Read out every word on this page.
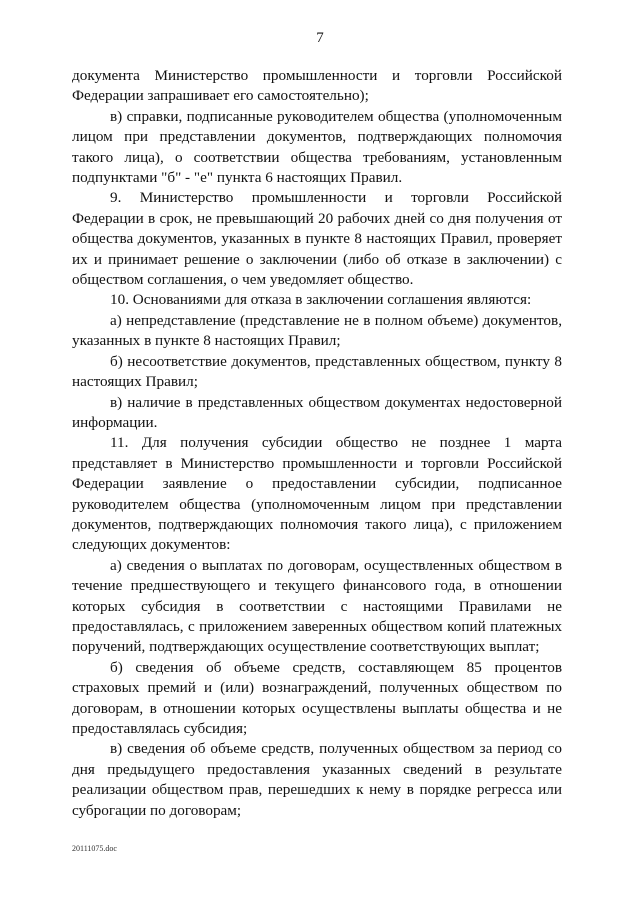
7

документа Министерство промышленности и торговли Российской Федерации запрашивает его самостоятельно);

в) справки, подписанные руководителем общества (уполномоченным лицом при представлении документов, подтверждающих полномочия такого лица), о соответствии общества требованиям, установленным подпунктами "б" - "е" пункта 6 настоящих Правил.

9. Министерство промышленности и торговли Российской Федерации в срок, не превышающий 20 рабочих дней со дня получения от общества документов, указанных в пункте 8 настоящих Правил, проверяет их и принимает решение о заключении (либо об отказе в заключении) с обществом соглашения, о чем уведомляет общество.

10. Основаниями для отказа в заключении соглашения являются:

а) непредставление (представление не в полном объеме) документов, указанных в пункте 8 настоящих Правил;

б) несоответствие документов, представленных обществом, пункту 8 настоящих Правил;

в) наличие в представленных обществом документах недостоверной информации.

11. Для получения субсидии общество не позднее 1 марта представляет в Министерство промышленности и торговли Российской Федерации заявление о предоставлении субсидии, подписанное руководителем общества (уполномоченным лицом при представлении документов, подтверждающих полномочия такого лица), с приложением следующих документов:

а) сведения о выплатах по договорам, осуществленных обществом в течение предшествующего и текущего финансового года, в отношении которых субсидия в соответствии с настоящими Правилами не предоставлялась, с приложением заверенных обществом копий платежных поручений, подтверждающих осуществление соответствующих выплат;

б) сведения об объеме средств, составляющем 85 процентов страховых премий и (или) вознаграждений, полученных обществом по договорам, в отношении которых осуществлены выплаты общества и не предоставлялась субсидия;

в) сведения об объеме средств, полученных обществом за период со дня предыдущего предоставления указанных сведений в результате реализации обществом прав, перешедших к нему в порядке регресса или суброгации по договорам;

20111075.doc
